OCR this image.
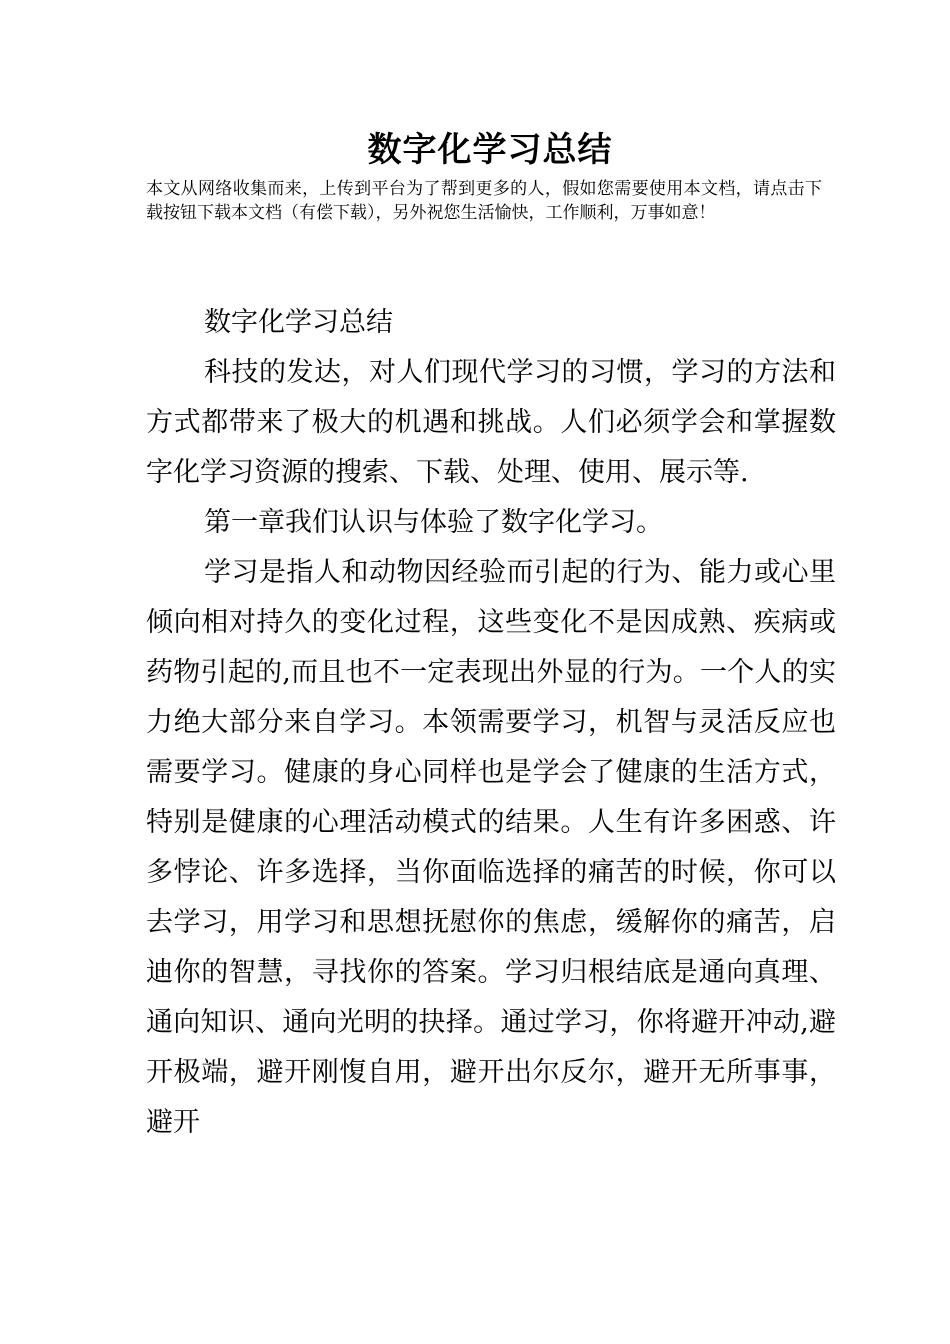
数字化学习总结

本文从网络收集而来，上传到平台为了帮到更多的人，假如您需要使用本文档，请点击下载按钮下载本文档（有偿下载），另外祝您生活愉快，工作顺利，万事如意！

数字化学习总结

科技的发达，对人们现代学习的习惯，学习的方法和方式都带来了极大的机遇和挑战。人们必须学会和掌握数字化学习资源的搜索、下载、处理、使用、展示等.

第一章我们认识与体验了数字化学习。

学习是指人和动物因经验而引起的行为、能力或心里倾向相对持久的变化过程，这些变化不是因成熟、疾病或药物引起的,而且也不一定表现出外显的行为。一个人的实力绝大部分来自学习。本领需要学习，机智与灵活反应也需要学习。健康的身心同样也是学会了健康的生活方式，特别是健康的心理活动模式的结果。人生有许多困惑、许多悖论、许多选择，当你面临选择的痛苦的时候，你可以去学习，用学习和思想抚慰你的焦虑，缓解你的痛苦，启迪你的智慧，寻找你的答案。学习归根结底是通向真理、通向知识、通向光明的抉择。通过学习，你将避开冲动,避开极端，避开刚愎自用，避开出尔反尔，避开无所事事，避开
